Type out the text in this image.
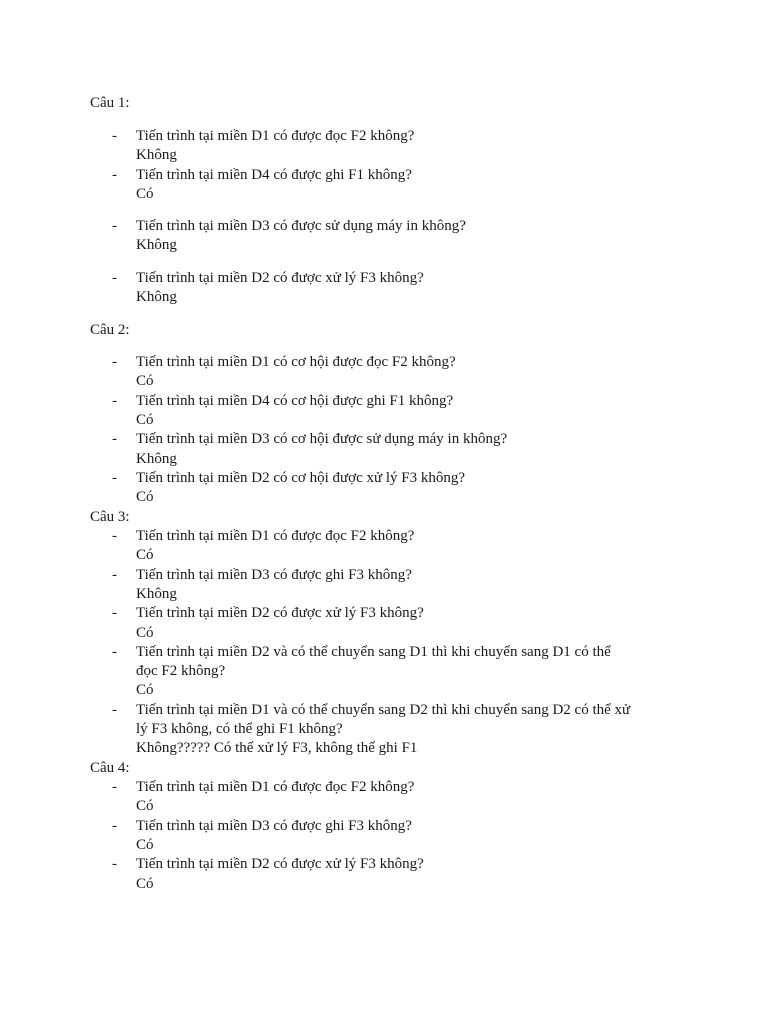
Câu 1:
- Tiến trình tại miền D1 có được đọc F2 không?
Không
- Tiến trình tại miền D4 có được ghi F1 không?
Có
- Tiến trình tại miền D3 có được sử dụng máy in không?
Không
- Tiến trình tại miền D2 có được xử lý F3 không?
Không
Câu 2:
- Tiến trình tại miền D1 có cơ hội được đọc F2 không?
Có
- Tiến trình tại miền D4 có cơ hội được ghi F1 không?
Có
- Tiến trình tại miền D3 có cơ hội được sử dụng máy in không?
Không
- Tiến trình tại miền D2 có cơ hội được xử lý F3 không?
Có
Câu 3:
- Tiến trình tại miền D1 có được đọc F2 không?
Có
- Tiến trình tại miền D3 có được ghi F3 không?
Không
- Tiến trình tại miền D2 có được xử lý F3 không?
Có
- Tiến trình tại miền D2 và có thể chuyển sang D1 thì khi chuyển sang D1 có thể
đọc F2 không?
Có
- Tiến trình tại miền D1 và có thể chuyển sang D2 thì khi chuyển sang D2 có thể xử
lý F3 không, có thể ghi F1 không?
Không????? Có thể xử lý F3, không thể ghi F1
Câu 4:
- Tiến trình tại miền D1 có được đọc F2 không?
Có
- Tiến trình tại miền D3 có được ghi F3 không?
Có
- Tiến trình tại miền D2 có được xử lý F3 không?
Có
